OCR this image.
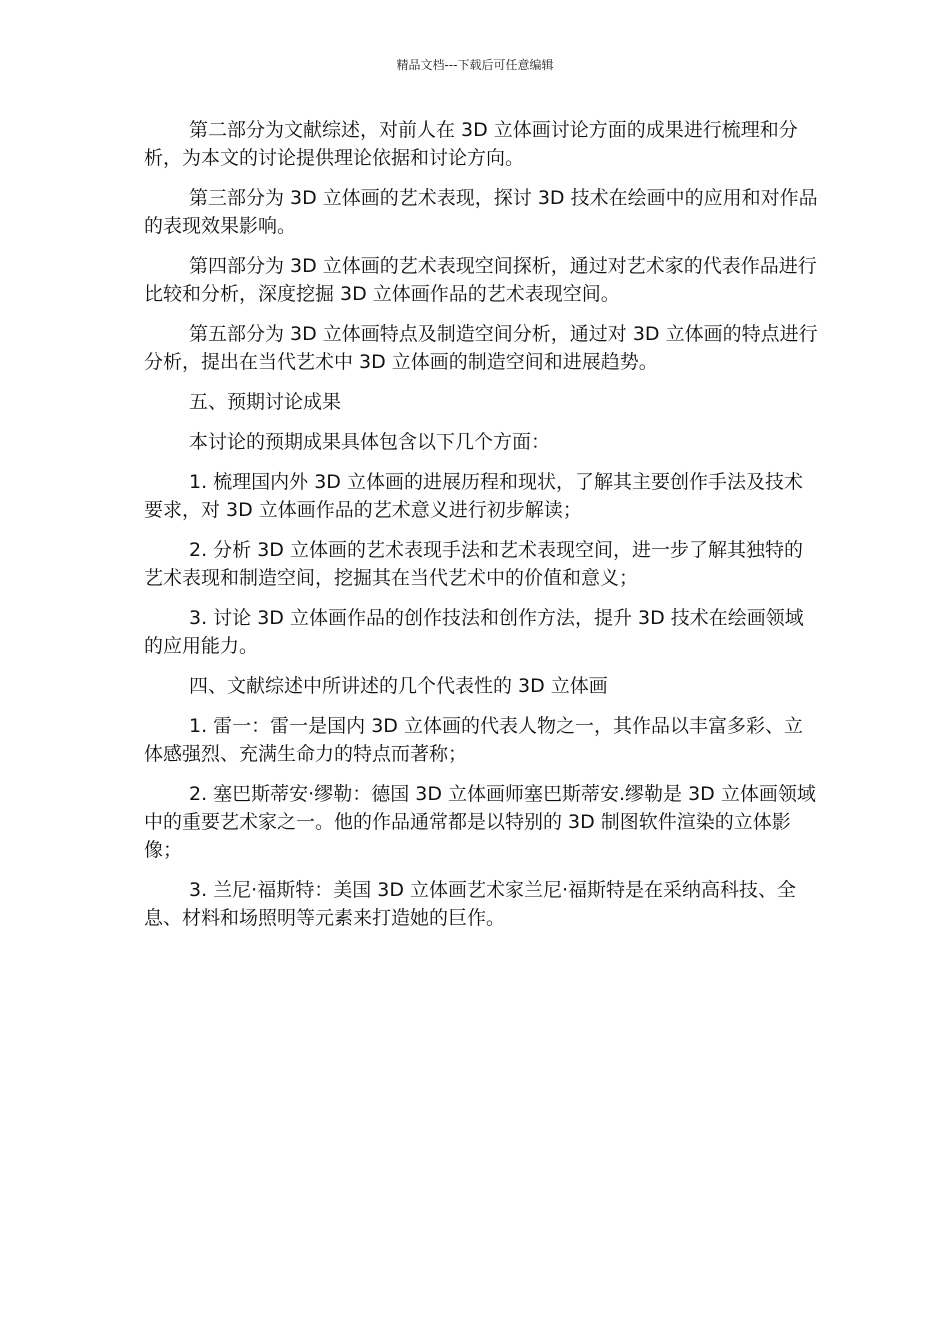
精品文档---下载后可任意编辑

第二部分为文献综述，对前人在 3D 立体画讨论方面的成果进行梳理和分析，为本文的讨论提供理论依据和讨论方向。

第三部分为 3D 立体画的艺术表现，探讨 3D 技术在绘画中的应用和对作品的表现效果影响。

第四部分为 3D 立体画的艺术表现空间探析，通过对艺术家的代表作品进行比较和分析，深度挖掘 3D 立体画作品的艺术表现空间。

第五部分为 3D 立体画特点及制造空间分析，通过对 3D 立体画的特点进行分析，提出在当代艺术中 3D 立体画的制造空间和进展趋势。

五、预期讨论成果

本讨论的预期成果具体包含以下几个方面：

1. 梳理国内外 3D 立体画的进展历程和现状，了解其主要创作手法及技术要求，对 3D 立体画作品的艺术意义进行初步解读；

2. 分析 3D 立体画的艺术表现手法和艺术表现空间，进一步了解其独特的艺术表现和制造空间，挖掘其在当代艺术中的价值和意义；

3. 讨论 3D 立体画作品的创作技法和创作方法，提升 3D 技术在绘画领域的应用能力。

四、文献综述中所讲述的几个代表性的 3D 立体画

1. 雷一：雷一是国内 3D 立体画的代表人物之一，其作品以丰富多彩、立体感强烈、充满生命力的特点而著称；

2. 塞巴斯蒂安·缪勒：德国 3D 立体画师塞巴斯蒂安.缪勒是 3D 立体画领域中的重要艺术家之一。他的作品通常都是以特别的 3D 制图软件渲染的立体影像；

3. 兰尼·福斯特：美国 3D 立体画艺术家兰尼·福斯特是在采纳高科技、全息、材料和场照明等元素来打造她的巨作。
